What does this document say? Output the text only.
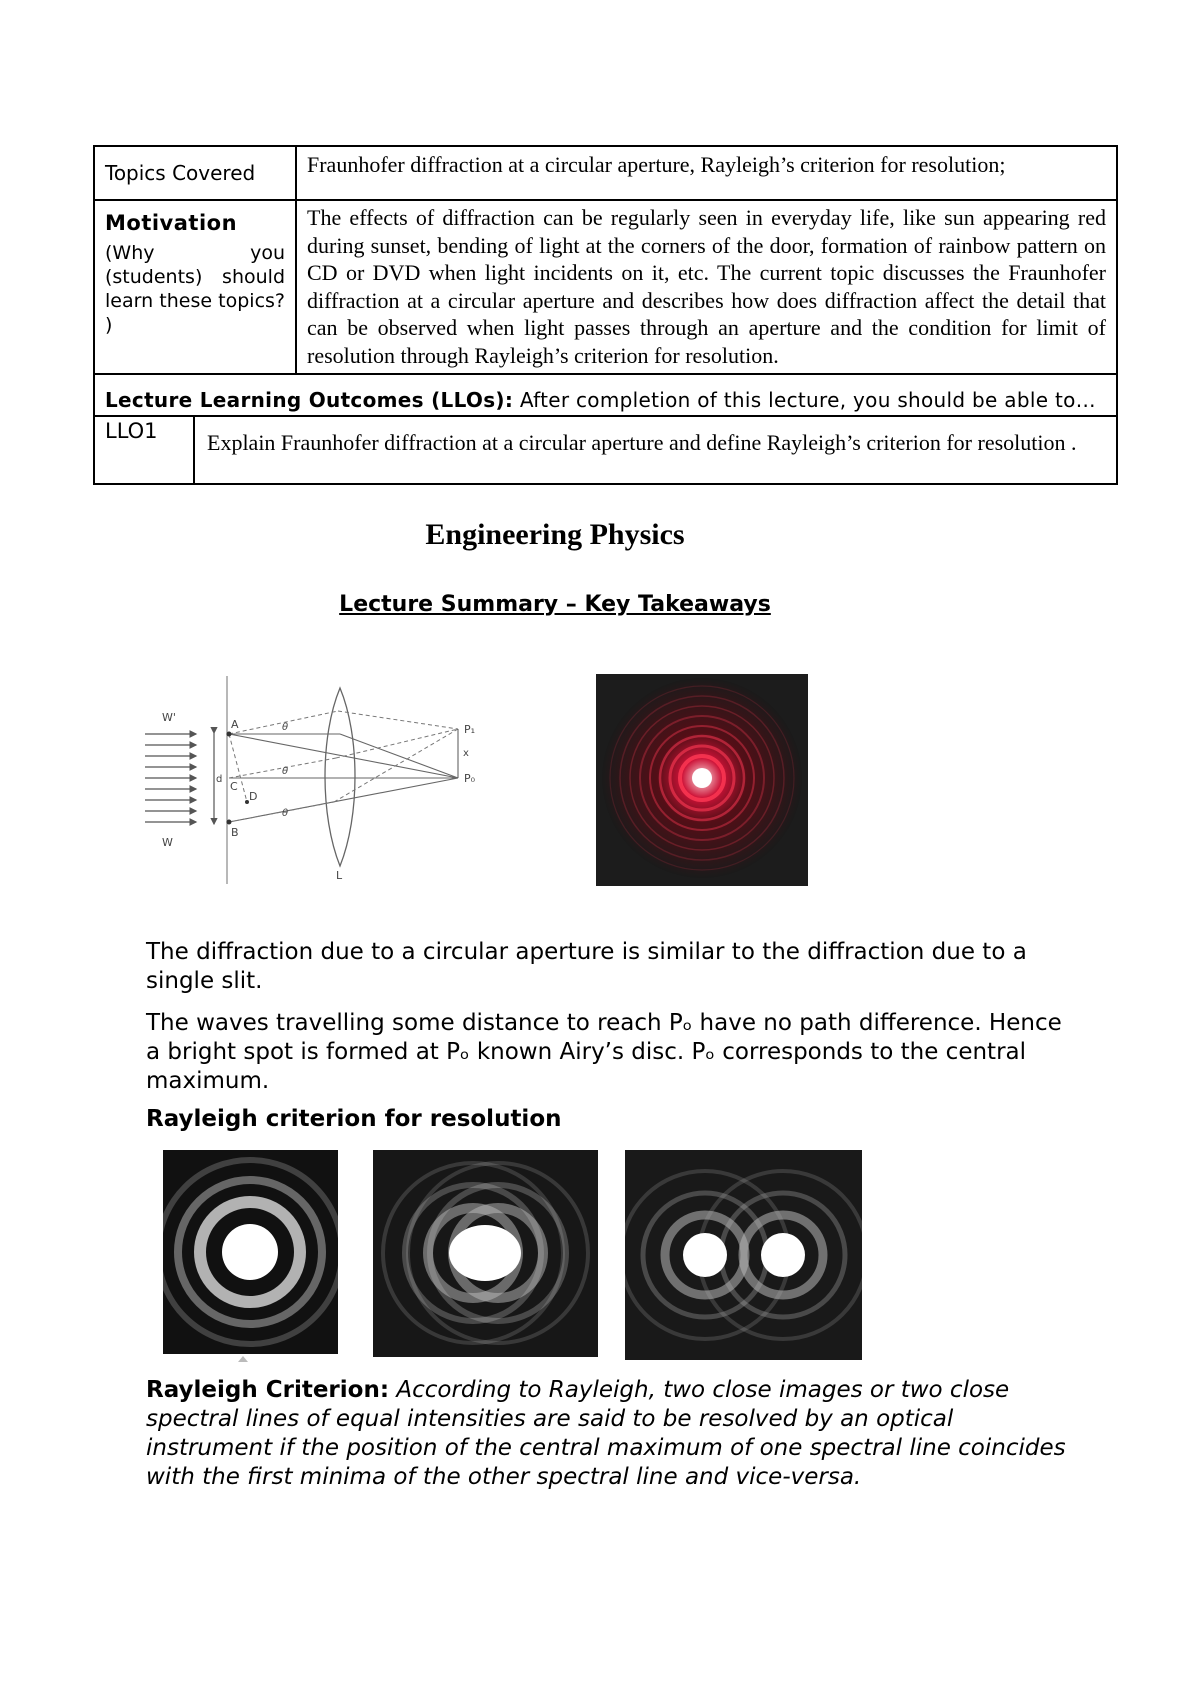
Topics Covered		Fraunhofer diffraction at a circular aperture, Rayleigh’s criterion for resolution;

Motivation
(Why you (students) should learn these topics? )		The effects of diffraction can be regularly seen in everyday life, like sun appearing red during sunset, bending of light at the corners of the door, formation of rainbow pattern on CD or DVD when light incidents on it, etc. The current topic discusses the Fraunhofer diffraction at a circular aperture and describes how does diffraction affect the detail that can be observed when light passes through an aperture and the condition for limit of resolution through Rayleigh’s criterion for resolution.
Lecture Learning Outcomes (LLOs): After completion of this lecture, you should be able to…		
LLO1	Explain Fraunhofer diffraction at a circular aperture and define Rayleigh’s criterion for resolution .	
Engineering Physics
Lecture Summary – Key Takeaways
W'
W
A
B
C
D
d
θ
θ
θ
P₁
x
P₀
L

The diffraction due to a circular aperture is similar to the diffraction due to a single slit.

The waves travelling some distance to reach Pₒ have no path difference. Hence a bright spot is formed at Pₒ known Airy’s disc. Pₒ corresponds to the central maximum.

Rayleigh criterion for resolution

Rayleigh Criterion: According to Rayleigh, two close images or two close spectral lines of equal intensities are said to be resolved by an optical instrument if the position of the central maximum of one spectral line coincides with the first minima of the other spectral line and vice-versa.
